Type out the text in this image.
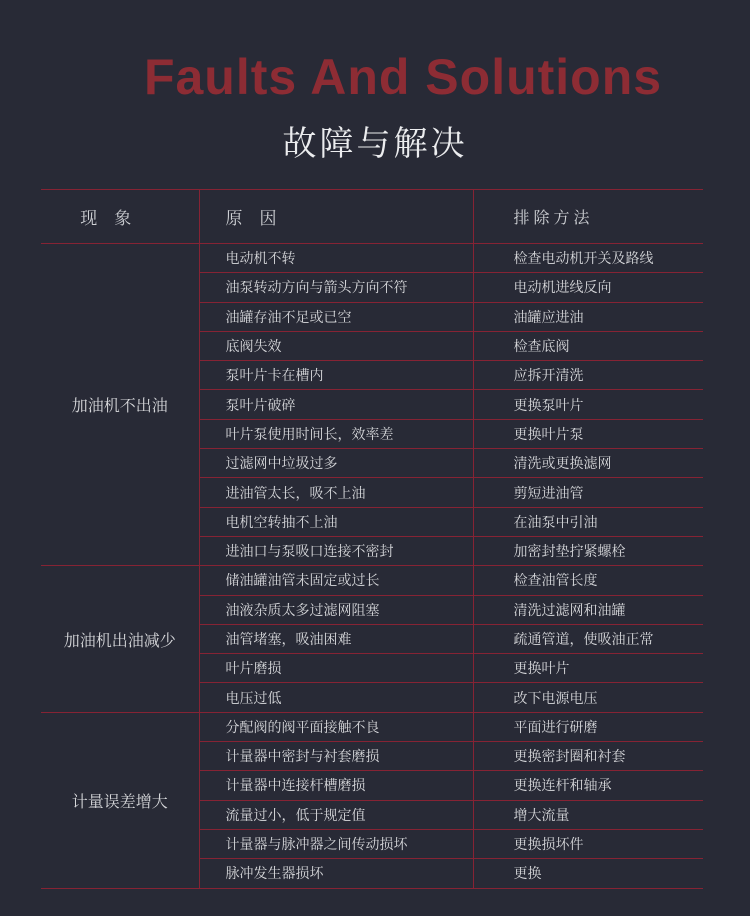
Faults And Solutions
故障与解决
现　象	原　因	排除方法
加油机不出油	电动机不转	检查电动机开关及路线
	油泵转动方向与箭头方向不符	电动机进线反向
	油罐存油不足或已空	油罐应进油
	底阀失效	检查底阀
	泵叶片卡在槽内	应拆开清洗
	泵叶片破碎	更换泵叶片
	叶片泵使用时间长，效率差	更换叶片泵
	过滤网中垃圾过多	清洗或更换滤网
	进油管太长，吸不上油	剪短进油管
	电机空转抽不上油	在油泵中引油
	进油口与泵吸口连接不密封	加密封垫拧紧螺栓
加油机出油减少	储油罐油管未固定或过长	检查油管长度
	油液杂质太多过滤网阻塞	清洗过滤网和油罐
	油管堵塞，吸油困难	疏通管道，使吸油正常
	叶片磨损	更换叶片
	电压过低	改下电源电压
计量误差增大	分配阀的阀平面接触不良	平面进行研磨
	计量器中密封与衬套磨损	更换密封圈和衬套
	计量器中连接杆槽磨损	更换连杆和轴承
	流量过小，低于规定值	增大流量
	计量器与脉冲器之间传动损坏	更换损坏件
	脉冲发生器损坏	更换
